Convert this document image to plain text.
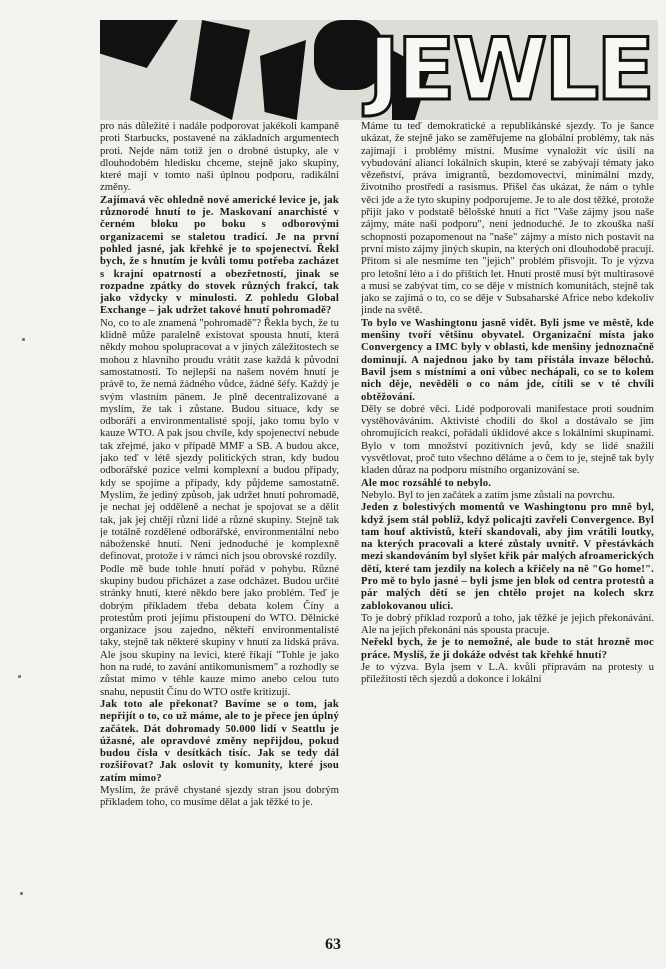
JEWLE

pro nás důležité i nadále podporovat jakékoli kampaně proti Starbucks, postavené na základních argumentech proti. Nejde nám totiž jen o drobné ústupky, ale v dlouhodobém hledisku chceme, stejně jako skupiny, které mají v tomto naši úplnou podporu, radikální změny.

Zajímavá věc ohledně nové americké levice je, jak různorodé hnutí to je. Maskovaní anarchisté v černém bloku po boku s odborovými organizacemi se staletou tradicí. Je na první pohled jasné, jak křehké je to spojenectví. Řekl bych, že s hnutím je kvůli tomu potřeba zacházet s krajní opatrností a obezřetností, jinak se rozpadne zpátky do stovek různých frakcí, tak jako vždycky v minulosti. Z pohledu Global Exchange – jak udržet takové hnutí pohromadě?

No, co to ale znamená "pohromadě"? Řekla bych, že tu klidně může paralelně existovat spousta hnutí, která někdy mohou spolupracovat a v jiných záležitostech se mohou z hlavního proudu vrátit zase každá k původní samostatnosti. To nejlepší na našem novém hnutí je právě to, že nemá žádného vůdce, žádné šéfy. Každý je svým vlastním pánem. Je plně decentralizované a myslím, že tak i zůstane. Budou situace, kdy se odboráři a environmentalisté spojí, jako tomu bylo v kauze WTO. A pak jsou chvíle, kdy spojenectví nebude tak zřejmé, jako v případě MMF a SB. A budou akce, jako teď v létě sjezdy politických stran, kdy budou odborářské pozice velmi komplexní a budou případy, kdy se spojíme a případy, kdy půjdeme samostatně. Myslím, že jediný způsob, jak udržet hnutí pohromadě, je nechat jej odděleně a nechat je spojovat se a dělit tak, jak jej chtějí různí lidé a různé skupiny. Stejně tak je totálně rozdělené odborářské, environmentální nebo náboženské hnutí. Není jednoduché je komplexně definovat, protože i v rámci nich jsou obrovské rozdíly.

Podle mě bude tohle hnutí pořád v pohybu. Různé skupiny budou přicházet a zase odcházet. Budou určité stránky hnutí, které někdo bere jako problém. Teď je dobrým příkladem třeba debata kolem Číny a protestům proti jejímu přistoupení do WTO. Dělnické organizace jsou zajedno, někteří environmentalisté taky, stejně tak některé skupiny v hnutí za lidská práva. Ale jsou skupiny na levici, které říkají "Tohle je jako hon na rudé, to zavání antikomunismem" a rozhodly se zůstat mimo v téhle kauze mimo anebo celou tuto snahu, nepustit Čínu do WTO ostře kritizují.

Jak toto ale překonat? Bavíme se o tom, jak nepřijít o to, co už máme, ale to je přece jen úplný začátek. Dát dohromady 50.000 lidí v Seattlu je úžasné, ale opravdové změny nepřijdou, pokud budou čísla v desítkách tisíc. Jak se tedy dál rozšiřovat? Jak oslovit ty komunity, které jsou zatím mimo?

Myslím, že právě chystané sjezdy stran jsou dobrým příkladem toho, co musíme dělat a jak těžké to je.

Máme tu teď demokratické a republikánské sjezdy. To je šance ukázat, že stejně jako se zaměřujeme na globální problémy, tak nás zajímají i problémy místní. Musíme vynaložit víc úsilí na vybudování aliancí lokálních skupin, které se zabývají tématy jako vězeňství, práva imigrantů, bezdomovectví, minimální mzdy, životního prostředí a rasismus. Přišel čas ukázat, že nám o tyhle věci jde a že tyto skupiny podporujeme. Je to ale dost těžké, protože přijít jako v podstatě bělošské hnutí a říct "Vaše zájmy jsou naše zájmy, máte naši podporu", není jednoduché. Je to zkouška naší schopnosti pozapomenout na "naše" zájmy a místo nich postavit na první místo zájmy jiných skupin, na kterých oni dlouhodobě pracují. Přitom si ale nesmíme ten "jejich" problém přisvojit. To je výzva pro letošní léto a i do příštích let. Hnutí prostě musí být multirasové a musí se zabývat tím, co se děje v místních komunitách, stejně tak jako se zajímá o to, co se děje v Subsaharské Africe nebo kdekoliv jinde na světě.

To bylo ve Washingtonu jasně vidět. Byli jsme ve městě, kde menšiny tvoří většinu obyvatel. Organizační místa jako Convergency a IMC byly v oblasti, kde menšiny jednoznačně dominují. A najednou jako by tam přistála invaze bělochů. Bavil jsem s místními a oni vůbec nechápali, co se to kolem nich děje, nevěděli o co nám jde, cítili se v té chvíli obtěžování.

Děly se dobré věci. Lidé podporovali manifestace proti soudním vystěhováváním. Aktivisté chodili do škol a dostávalo se jim ohromujících reakcí, pořádali úklidové akce s lokálními skupinami. Bylo v tom množství pozitivních jevů, kdy se lidé snažili vysvětlovat, proč tuto všechno děláme a o čem to je, stejně tak byly kladen důraz na podporu místního organizování se.

Ale moc rozsáhlé to nebylo.

Nebylo. Byl to jen začátek a zatím jsme zůstali na povrchu.

Jeden z bolestivých momentů ve Washingtonu pro mně byl, když jsem stál poblíž, když policajti zavřeli Convergence. Byl tam houf aktivistů, kteří skandovali, aby jim vrátili loutky, na kterých pracovali a které zůstaly uvnitř. V přestávkách mezi skandováním byl slyšet křik pár malých afroamerických dětí, které tam jezdily na kolech a křičely na ně "Go home!". Pro mě to bylo jasné – byli jsme jen blok od centra protestů a pár malých dětí se jen chtělo projet na kolech skrz zablokovanou ulici.

To je dobrý příklad rozporů a toho, jak těžké je jejich překonávání. Ale na jejich překonání nás spousta pracuje.

Neřekl bych, že je to nemožné, ale bude to stát hrozně moc práce. Myslíš, že ji dokáže odvést tak křehké hnutí?

Je to výzva. Byla jsem v L.A. kvůli přípravám na protesty u příležitosti těch sjezdů a dokonce i lokální

63
